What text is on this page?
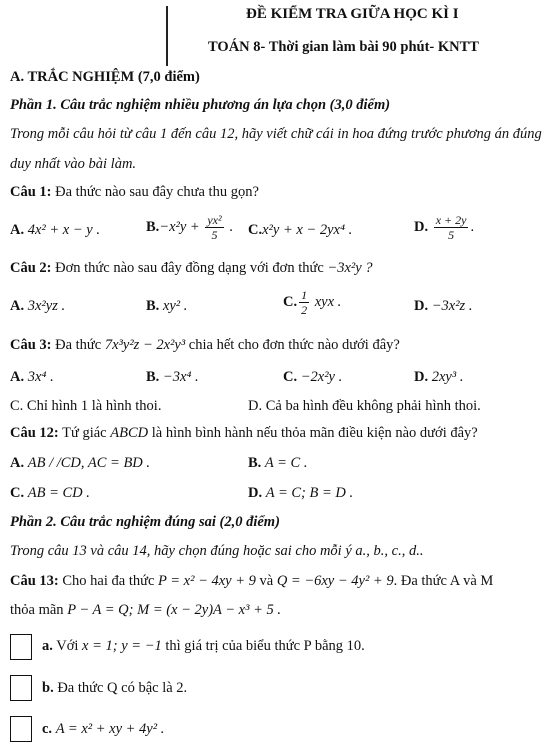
ĐỀ KIỂM TRA GIỮA HỌC KÌ I
TOÁN 8- Thời gian làm bài 90 phút- KNTT
A. TRẮC NGHIỆM (7,0 điểm)
Phần 1. Câu trắc nghiệm nhiều phương án lựa chọn (3,0 điểm)
Trong mỗi câu hỏi từ câu 1 đến câu 12, hãy viết chữ cái in hoa đứng trước phương án đúng
duy nhất vào bài làm.
Câu 1: Đa thức nào sau đây chưa thu gọn?
A. 4x² + x − y .	$B.-x^2y + \frac{\text{yx²}}{5}$ . C.x²y + x − 2yx⁴ .	D. $\frac{x + 2y}{5}$ .
Câu 2: Đơn thức nào sau đây đồng dạng với đơn thức −3x²y ?
A. 3x²yz .	B. xy² .	C. $\frac{1}{2}$ xyx .	D. −3x²z .
Câu 3: Đa thức 7x³y²z − 2x²y³ chia hết cho đơn thức nào dưới đây?
A. 3x⁴ .	B. −3x⁴ .	C. −2x²y .	D. 2xy³ .
C. Chỉ hình 1 là hình thoi.	D. Cả ba hình đều không phải hình thoi.
Câu 12: Tứ giác ABCD là hình bình hành nếu thỏa mãn điều kiện nào dưới đây?
A. AB / /CD, AC = BD .	B. A = C .
C. AB = CD .	D. A = C; B = D .
Phần 2. Câu trắc nghiệm đúng sai (2,0 điểm)
Trong câu 13 và câu 14, hãy chọn đúng hoặc sai cho mỗi ý a., b., c., d..
Câu 13: Cho hai đa thức P = x² − 4xy + 9 và Q = −6xy − 4y² + 9. Đa thức A và M
thỏa mãn P − A = Q; M = (x − 2y)A − x³ + 5 .
a. Với x = 1; y = −1 thì giá trị của biểu thức P bằng 10.
b. Đa thức Q có bậc là 2.
c. A = x² + xy + 4y² .
